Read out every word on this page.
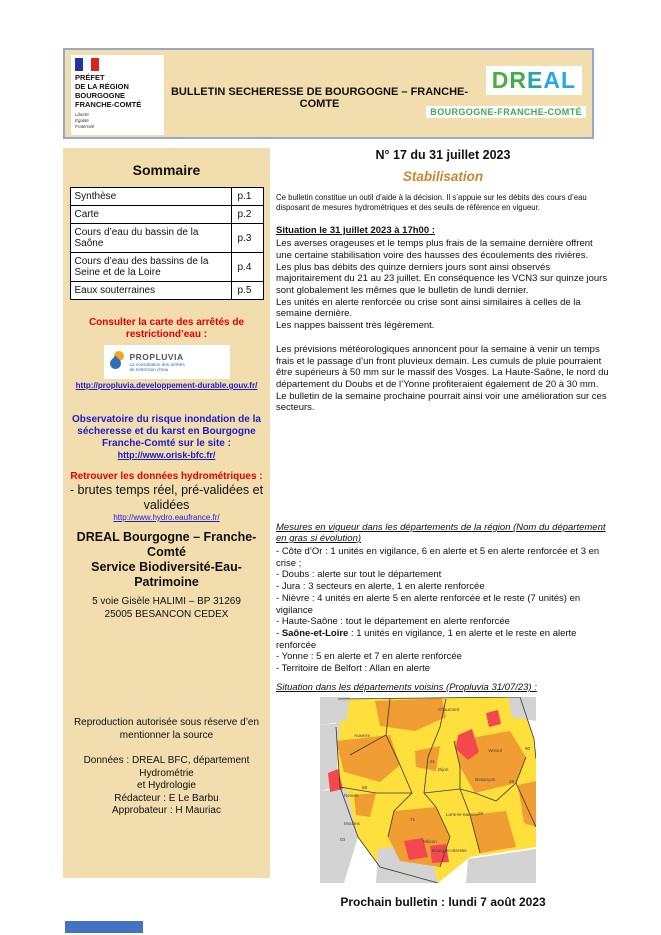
PRÉFET
DE LA RÉGION
BOURGOGNE
FRANCHE-COMTÉ
Liberté
Égalité
Fraternité
BULLETIN SECHERESSE DE BOURGOGNE – FRANCHE-COMTE
DREAL
BOURGOGNE-FRANCHE-COMTÉ
Sommaire
Synthèse	p.1
Carte	p.2
Cours d’eau du bassin de la Saône	p.3
Cours d’eau des bassins de la Seine et de la Loire	p.4
Eaux souterraines	p.5
Consulter la carte des arrêtés de restrictiond’eau :
PROPLUVIA
La consultation des arrêtés
de restriction d’eau
http://propluvia.developpement-durable.gouv.fr/
Observatoire du risque inondation de la sécheresse et du karst en Bourgogne Franche-Comté sur le site :
http://www.orisk-bfc.fr/
Retrouver les données hydrométriques :
- brutes temps réel, pré-validées et
validées
http://www.hydro.eaufrance.fr/
DREAL Bourgogne – Franche-Comté
Service Biodiversité-Eau-Patrimoine
5 voie Gisèle HALIMI – BP 31269
25005 BESANCON CEDEX
Reproduction autorisée sous réserve d’en
mentionner la source
Données : DREAL BFC, département Hydrométrie
et Hydrologie
Rédacteur : E Le Barbu
Approbateur : H Mauriac
N° 17 du 31 juillet 2023
Stabilisation
Ce bulletin constitue un outil d’aide à la décision. Il s’appuie sur les débits des cours d’eau disposant de mesures hydrométriques et des seuils de référence en vigueur.
Situation le 31 juillet 2023 à 17h00 :
Les averses orageuses et le temps plus frais de la semaine dernière offrent une certaine stabilisation voire des hausses des écoulements des rivières.
Les plus bas débits des quinze derniers jours sont ainsi observés majoritairement du 21 au 23 juillet. En conséquence les VCN3 sur quinze jours sont globalement les mêmes que le bulletin de lundi dernier.
Les unités en alerte renforcée ou crise sont ainsi similaires à celles de la semaine dernière.
Les nappes baissent très légèrement.
Les prévisions météorologiques annoncent pour la semaine à venir un temps frais et le passage d’un front pluvieux demain. Les cumuls de pluie pourraient être supérieurs à 50 mm sur le massif des Vosges. La Haute-Saône, le nord du département du Doubs et de l’Yonne profiteraient également de 20 à 30 mm.
Le bulletin de la semaine prochaine pourrait ainsi voir une amélioration sur ces secteurs.
Mesures en vigueur dans les départements de la région (Nom du département en gras si évolution)
- Côte d’Or : 1 unités en vigilance, 6 en alerte et 5 en alerte renforcée et 3 en crise ;
- Doubs : alerte sur tout le département
- Jura : 3 secteurs en alerte, 1 en alerte renforcée
- Nièvre : 4 unités en alerte 5 en alerte renforcée et le reste (7 unités) en vigilance
- Haute-Saône : tout le département en alerte renforcée
- Saône-et-Loire : 1 unités en vigilance, 1 en alerte et le reste en alerte renforcée
- Yonne : 5 en alerte et 7 en alerte renforcée
- Territoire de Belfort : Allan en alerte
Situation dans les départements voisins (Propluvia 31/07/23) :
Chaumont
Auxerre
Vesoul	90
21
Dijon
Besançon	25
58
Nevers
Lons-le-Saunier 39
71
Moulins
03	Mâcon
Bourg-en-Bresse
Prochain bulletin : lundi 7 août 2023
